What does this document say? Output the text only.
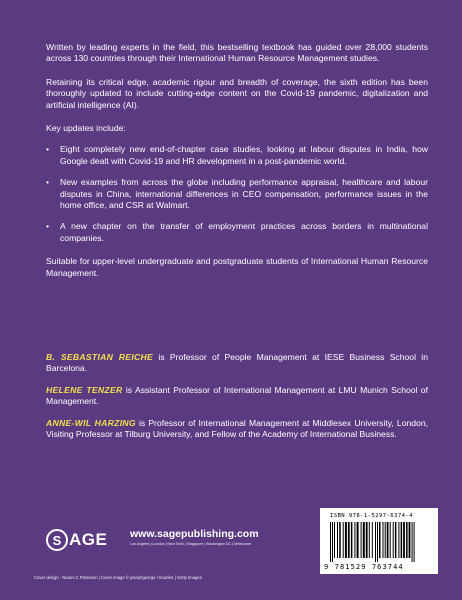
Written by leading experts in the field, this bestselling textbook has guided over 28,000 students across 130 countries through their International Human Resource Management studies.

Retaining its critical edge, academic rigour and breadth of coverage, the sixth edition has been thoroughly updated to include cutting-edge content on the Covid-19 pandemic, digitalization and artificial intelligence (AI).

Key updates include:

• Eight completely new end-of-chapter case studies, looking at labour disputes in India, how Google dealt with Covid-19 and HR development in a post-pandemic world.
• New examples from across the globe including performance appraisal, healthcare and labour disputes in China, international differences in CEO compensation, performance issues in the home office, and CSR at Walmart.
• A new chapter on the transfer of employment practices across borders in multinational companies.

Suitable for upper-level undergraduate and postgraduate students of International Human Resource Management.

B. SEBASTIAN REICHE is Professor of People Management at IESE Business School in Barcelona.

HELENE TENZER is Assistant Professor of International Management at LMU Munich School of Management.

ANNE-WIL HARZING is Professor of International Management at Middlesex University, London, Visiting Professor at Tilburg University, and Fellow of the Academy of International Business.

S AGE www.sagepublishing.com
Los Angeles | London | New Delhi | Singapore | Washington DC | Melbourne
Cover design - Naomi C Robinson | Cover image © josephgeorge / Imazins | Getty Images
ISBN 978-1-5297-6374-4
9 781529 763744
